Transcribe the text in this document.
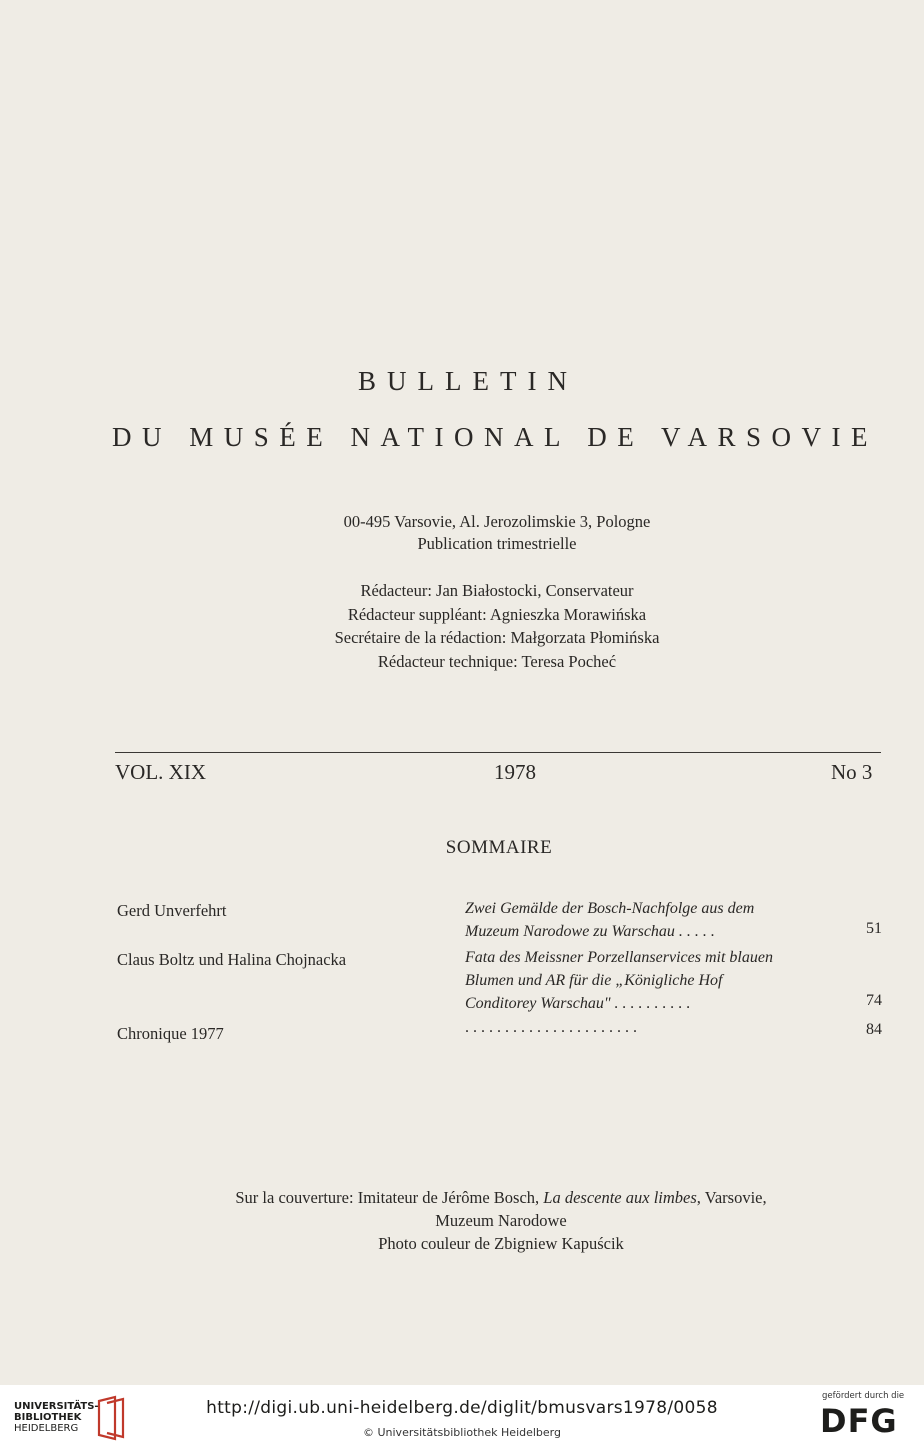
BULLETIN
DU MUSÉE NATIONAL DE VARSOVIE
00-495 Varsovie, Al. Jerozolimskie 3, Pologne
Publication trimestrielle
Rédacteur: Jan Białostocki, Conservateur
Rédacteur suppléant: Agnieszka Morawińska
Secrétaire de la rédaction: Małgorzata Płomińska
Rédacteur technique: Teresa Pocheć
VOL. XIX	1978	No 3
SOMMAIRE
Gerd Unverfehrt	Zwei Gemälde der Bosch-Nachfolge aus dem
Muzeum Narodowe zu Warschau . . . . .	51
Claus Boltz und Halina Chojnacka	Fata des Meissner Porzellanservices mit blauen
Blumen und AR für die „Königliche Hof
Conditorey Warschau" . . . . . . . . . .	74
Chronique 1977	. . . . . . . . . . . . . . . . . . . . . .	84
Sur la couverture: Imitateur de Jérôme Bosch, La descente aux limbes, Varsovie,
Muzeum Narodowe
Photo couleur de Zbigniew Kapuścik
UNIVERSITÄTS-
BIBLIOTHEK
HEIDELBERG
http://digi.ub.uni-heidelberg.de/diglit/bmusvars1978/0058
© Universitätsbibliothek Heidelberg
gefördert durch die
DFG
